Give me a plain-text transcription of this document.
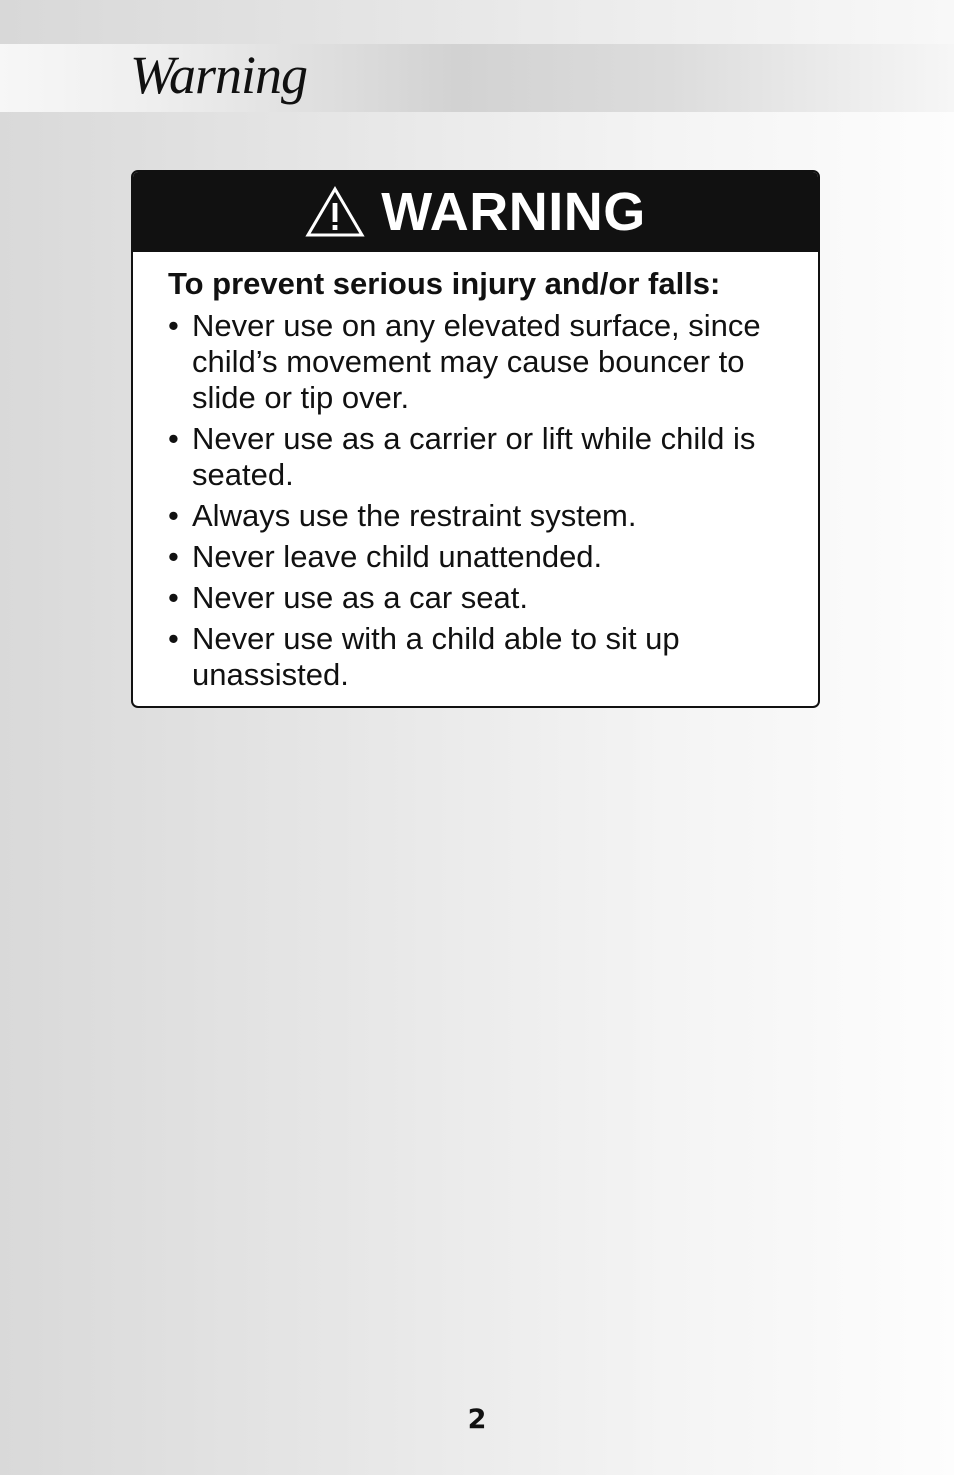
Warning
WARNING

To prevent serious injury and/or falls:

• Never use on any elevated surface, since child’s movement may cause bouncer to slide or tip over.
• Never use as a carrier or lift while child is seated.
• Always use the restraint system.
• Never leave child unattended.
• Never use as a car seat.
• Never use with a child able to sit up unassisted.
2
